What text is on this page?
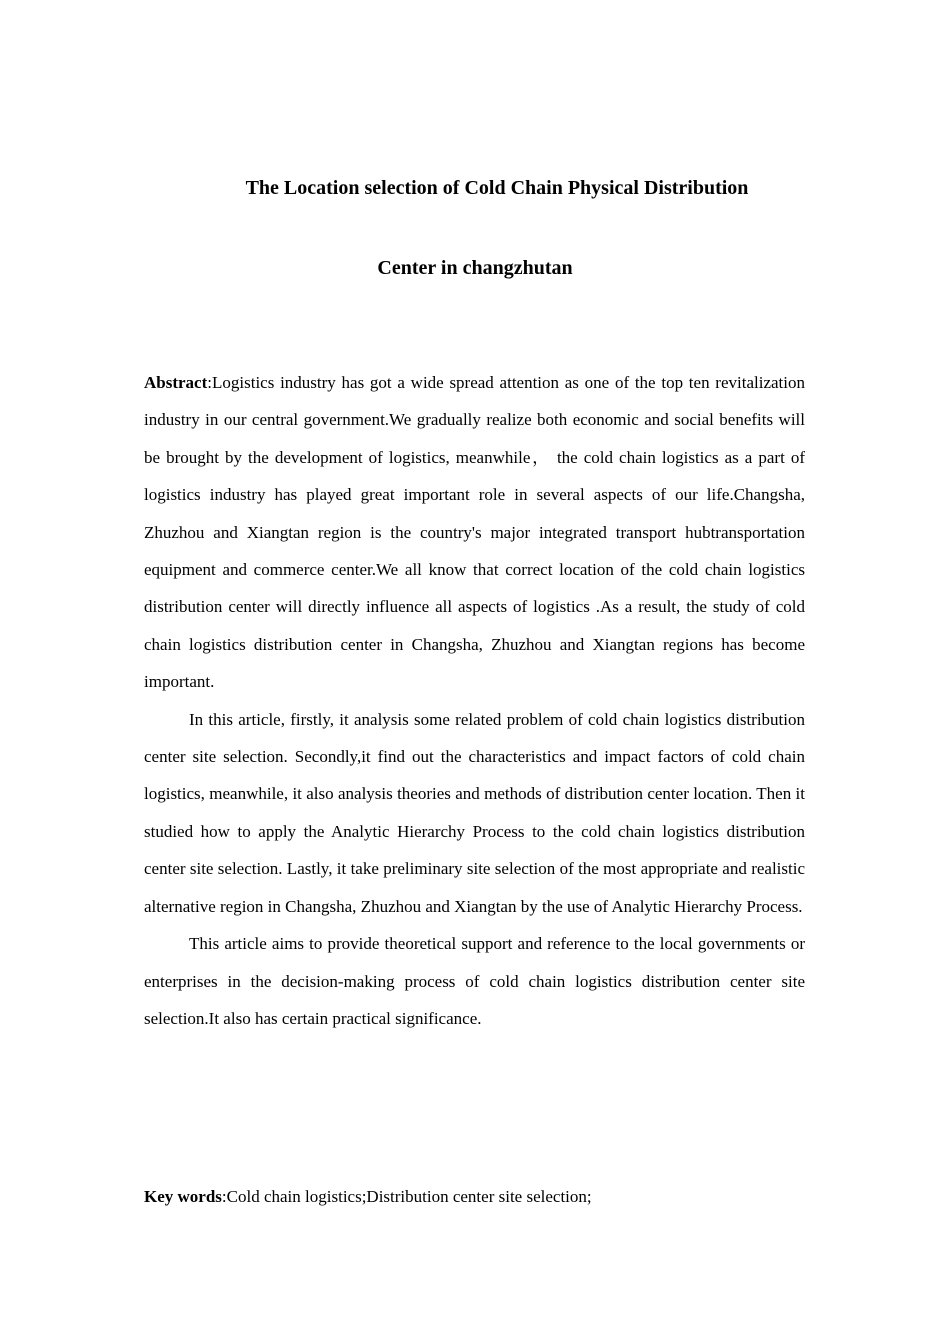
The Location selection of Cold Chain Physical Distribution
Center in changzhutan

Abstract:Logistics industry has got a wide spread attention as one of the top ten revitalization industry in our central government.We gradually realize both economic and social benefits will be brought by the development of logistics, meanwhile， the cold chain logistics as a part of logistics industry has played great important role in several aspects of our life.Changsha, Zhuzhou and Xiangtan region is the country's major integrated transport hubtransportation equipment and commerce center.We all know that correct location of the cold chain logistics distribution center will directly influence all aspects of logistics .As a result, the study of cold chain logistics distribution center in Changsha, Zhuzhou and Xiangtan regions has become important.

In this article, firstly, it analysis some related problem of cold chain logistics distribution center site selection. Secondly,it find out the characteristics and impact factors of cold chain logistics, meanwhile, it also analysis theories and methods of distribution center location. Then it studied how to apply the Analytic Hierarchy Process to the cold chain logistics distribution center site selection. Lastly, it take preliminary site selection of the most appropriate and realistic alternative region in Changsha, Zhuzhou and Xiangtan by the use of Analytic Hierarchy Process.

This article aims to provide theoretical support and reference to the local governments or enterprises in the decision-making process of cold chain logistics distribution center site selection.It also has certain practical significance.

Key words:Cold chain logistics;Distribution center site selection;
